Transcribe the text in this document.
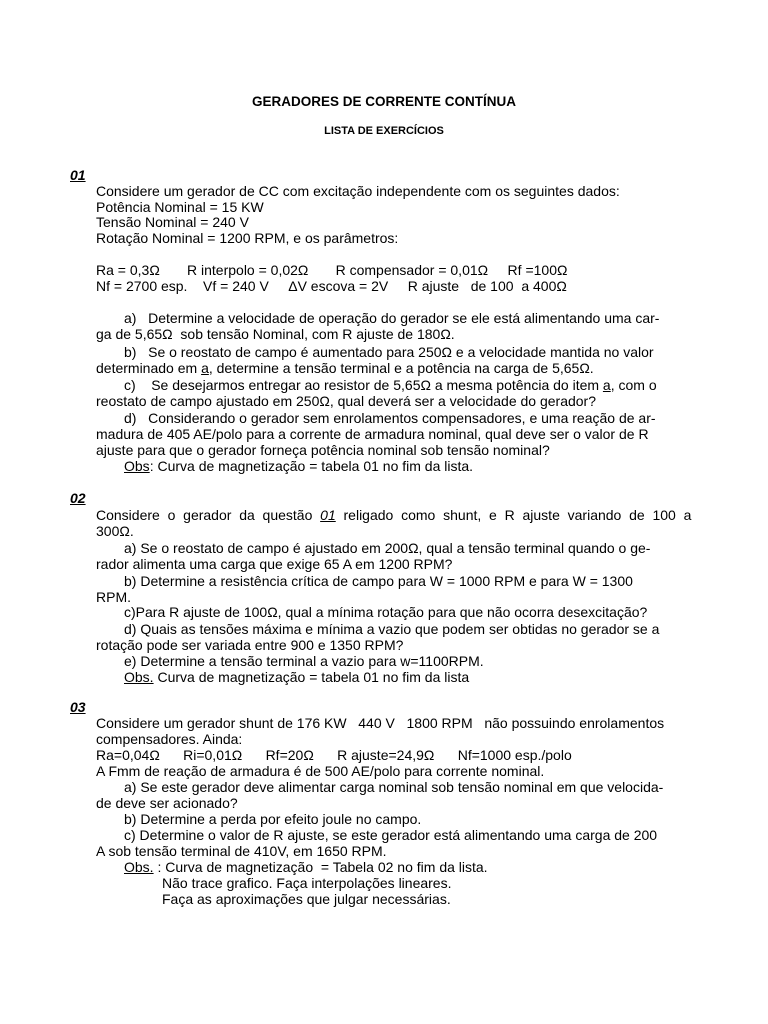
GERADORES DE CORRENTE CONTÍNUA
LISTA DE EXERCÍCIOS
01
Considere um gerador de CC com excitação independente com os seguintes dados:
Potência Nominal = 15 KW
Tensão Nominal = 240 V
Rotação Nominal = 1200 RPM, e os parâmetros:
Ra = 0,3Ω       R interpolo = 0,02Ω       R compensador = 0,01Ω     Rf =100Ω
Nf = 2700 esp.    Vf = 240 V     ΔV escova = 2V     R ajuste   de 100  a 400Ω
a)   Determine a velocidade de operação do gerador se ele está alimentando uma car-
ga de 5,65Ω  sob tensão Nominal, com R ajuste de 180Ω.
b)   Se o reostato de campo é aumentado para 250Ω e a velocidade mantida no valor
determinado em a, determine a tensão terminal e a potência na carga de 5,65Ω.
c)    Se desejarmos entregar ao resistor de 5,65Ω a mesma potência do item a, com o
reostato de campo ajustado em 250Ω, qual deverá ser a velocidade do gerador?
d)   Considerando o gerador sem enrolamentos compensadores, e uma reação de ar-
madura de 405 AE/polo para a corrente de armadura nominal, qual deve ser o valor de R
ajuste para que o gerador forneça potência nominal sob tensão nominal?
Obs: Curva de magnetização = tabela 01 no fim da lista.
02
Considere  o  gerador  da  questão  01  religado  como  shunt,  e  R  ajuste  variando  de  100  a
300Ω.
a) Se o reostato de campo é ajustado em 200Ω, qual a tensão terminal quando o ge-
rador alimenta uma carga que exige 65 A em 1200 RPM?
b) Determine a resistência crítica de campo para W = 1000 RPM e para W = 1300
RPM.
c)Para R ajuste de 100Ω, qual a mínima rotação para que não ocorra desexcitação?
d) Quais as tensões máxima e mínima a vazio que podem ser obtidas no gerador se a
rotação pode ser variada entre 900 e 1350 RPM?
e) Determine a tensão terminal a vazio para w=1100RPM.
Obs. Curva de magnetização = tabela 01 no fim da lista
03
Considere um gerador shunt de 176 KW   440 V   1800 RPM   não possuindo enrolamentos
compensadores. Ainda:
Ra=0,04Ω      Ri=0,01Ω      Rf=20Ω      R ajuste=24,9Ω      Nf=1000 esp./polo
A Fmm de reação de armadura é de 500 AE/polo para corrente nominal.
a) Se este gerador deve alimentar carga nominal sob tensão nominal em que velocida-
de deve ser acionado?
b) Determine a perda por efeito joule no campo.
c) Determine o valor de R ajuste, se este gerador está alimentando uma carga de 200
A sob tensão terminal de 410V, em 1650 RPM.
Obs. : Curva de magnetização  = Tabela 02 no fim da lista.
Não trace grafico. Faça interpolações lineares.
Faça as aproximações que julgar necessárias.
